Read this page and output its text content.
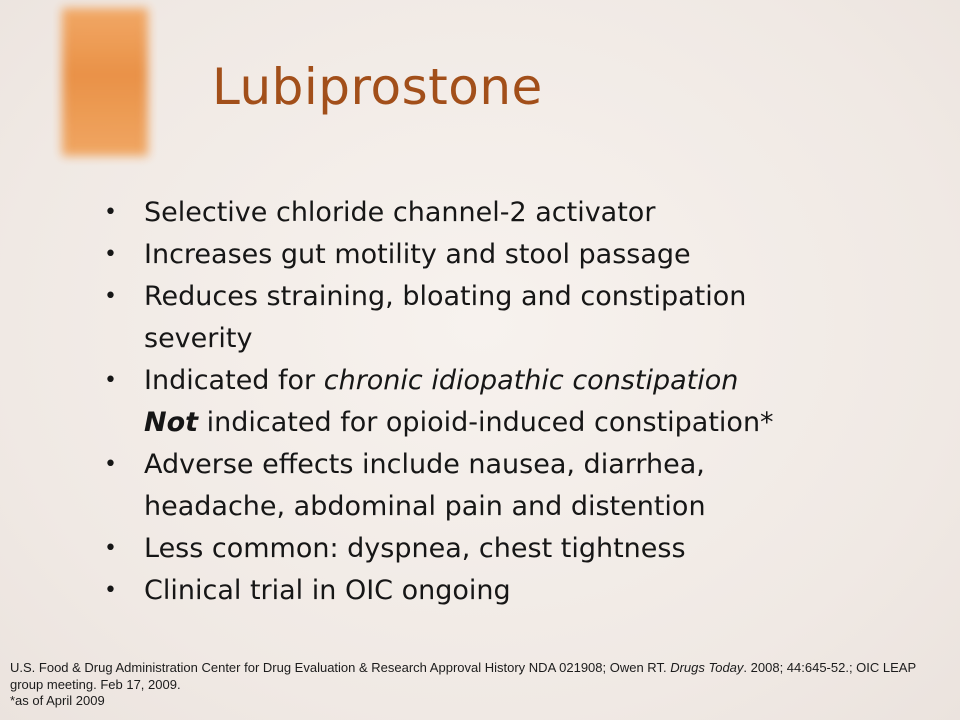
Lubiprostone
• Selective chloride channel-2 activator
• Increases gut motility and stool passage
• Reduces straining, bloating and constipation
severity
• Indicated for chronic idiopathic constipation
Not indicated for opioid-induced constipation*
• Adverse effects include nausea, diarrhea,
headache, abdominal pain and distention
• Less common: dyspnea, chest tightness
• Clinical trial in OIC ongoing
U.S. Food & Drug Administration Center for Drug Evaluation & Research Approval History NDA 021908; Owen RT. Drugs Today. 2008; 44:645-52.; OIC LEAP group meeting. Feb 17, 2009.
*as of April 2009
